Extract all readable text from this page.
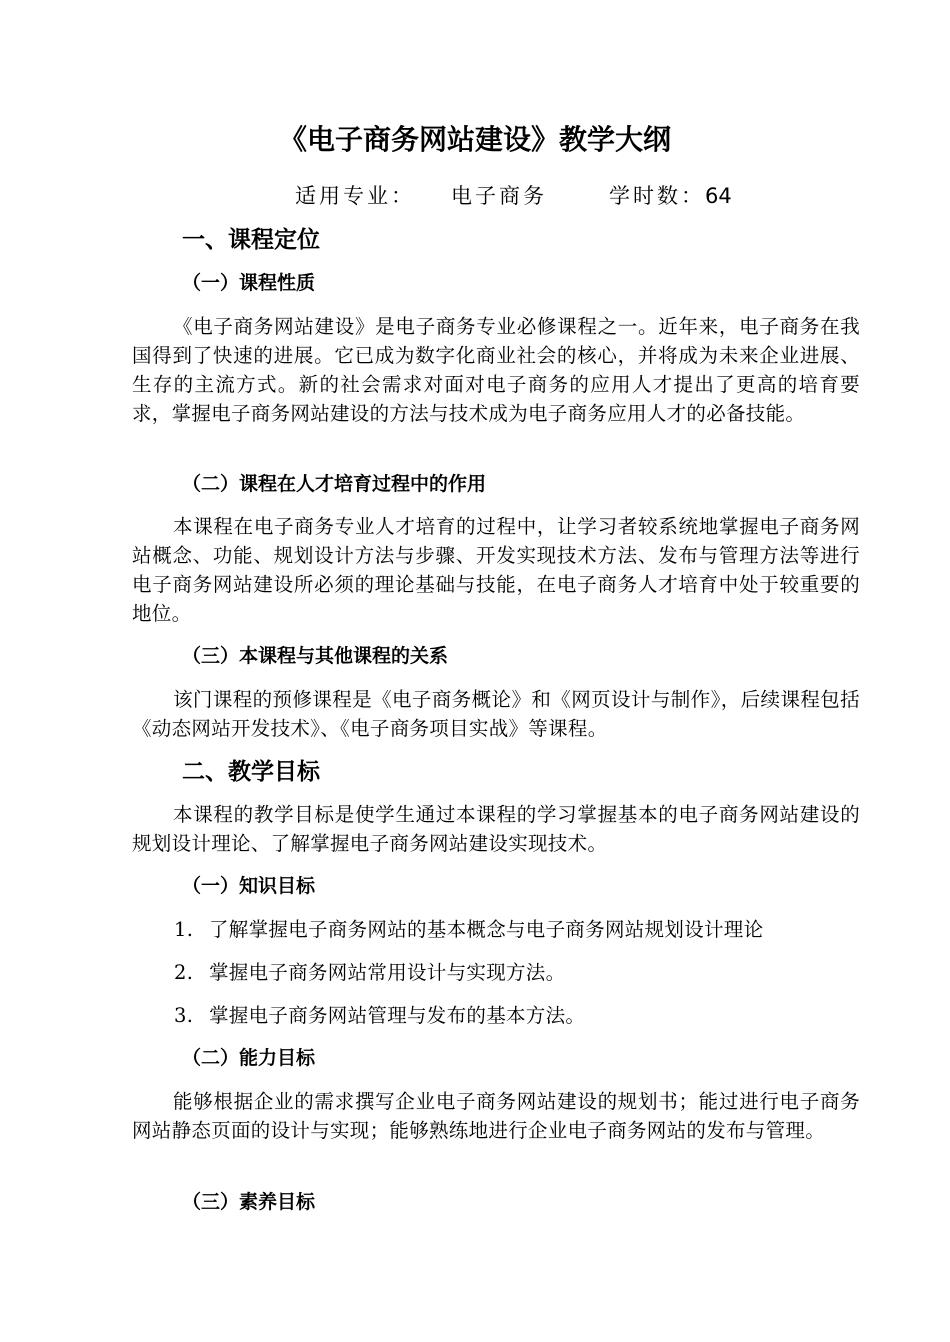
《电子商务网站建设》教学大纲
适用专业： 电子商务	学时数：64
一、课程定位
（一）课程性质

《电子商务网站建设》是电子商务专业必修课程之一。近年来，电子商务在我国得到了快速的进展。它已成为数字化商业社会的核心，并将成为未来企业进展、生存的主流方式。新的社会需求对面对电子商务的应用人才提出了更高的培育要求，掌握电子商务网站建设的方法与技术成为电子商务应用人才的必备技能。

（二）课程在人才培育过程中的作用

本课程在电子商务专业人才培育的过程中，让学习者较系统地掌握电子商务网站概念、功能、规划设计方法与步骤、开发实现技术方法、发布与管理方法等进行电子商务网站建设所必须的理论基础与技能，在电子商务人才培育中处于较重要的地位。

（三）本课程与其他课程的关系

该门课程的预修课程是《电子商务概论》和《网页设计与制作》，后续课程包括《动态网站开发技术》、《电子商务项目实战》等课程。

二、教学目标

本课程的教学目标是使学生通过本课程的学习掌握基本的电子商务网站建设的规划设计理论、了解掌握电子商务网站建设实现技术。

（一）知识目标

1. 了解掌握电子商务网站的基本概念与电子商务网站规划设计理论

2. 掌握电子商务网站常用设计与实现方法。

3. 掌握电子商务网站管理与发布的基本方法。

（二）能力目标

能够根据企业的需求撰写企业电子商务网站建设的规划书；能过进行电子商务网站静态页面的设计与实现；能够熟练地进行企业电子商务网站的发布与管理。

（三）素养目标
